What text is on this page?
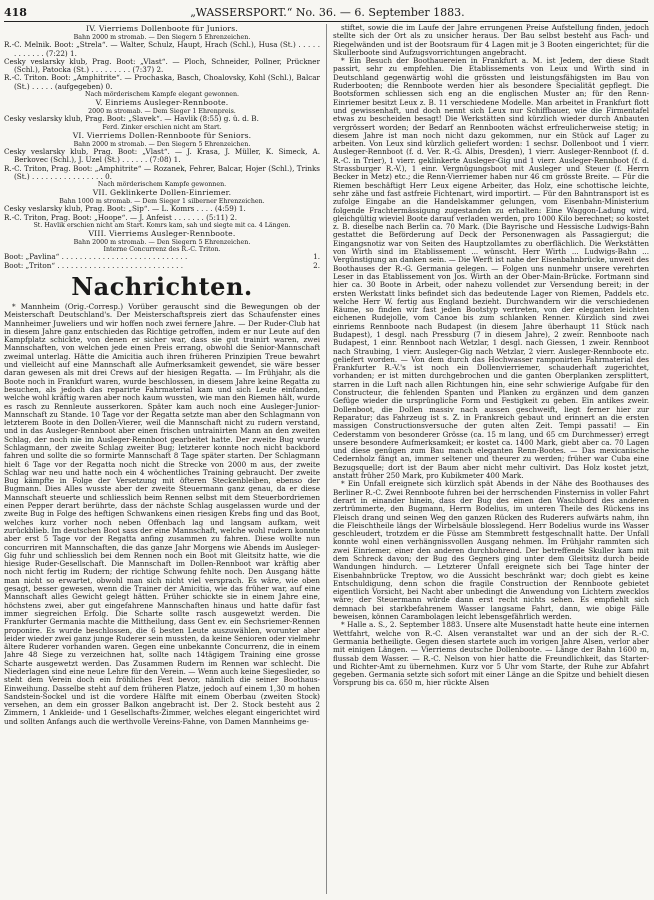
418	„WASSERSPORT.“ No. 36. — 6. September 1883.
IV. Vierriems Dollenboote für Juniors.
Bahn 2000 m stromab. — Den Siegern 5 Ehrenzeichen.
R.-C. Melnik. Boot: „Strela“. — Walter, Schulz, Haupt, Hrach (Schl.), Husa (St.) . . . . . . . . . . . . (7:22) 1.
Cesky veslarsky klub, Prag. Boot: „Vlast“. — Ploch, Schneider, Pollner, Prückner (Schl.), Patocka (St.) . . . . . . . . . (7:37) 2.
R.-C. Triton. Boot: „Amphitrite“. — Prochaska, Basch, Choalovsky, Kohl (Schl.), Balcar (St.) . . . . . (aufgegeben) 0.
Nach mörderischem Kampfe elegant gewonnen.
V. Einriems Ausleger-Rennboote.
2000 m stromab. — Dem Sieger 1 Ehrenpreis.
Cesky veslarsky klub, Prag. Boot: „Slavek“. — Havlik (8:55) g. ü. d. B.
Ferd. Zinker erschien nicht am Start.
VI. Vierriems Dollen-Rennboote für Seniors.
Bahn 2000 m stromab. — Den Siegern 5 Ehrenzeichen.
Cesky veslarsky klub, Prag. Boot: „Vlast“. — J. Krasa, J. Müller, K. Simeck, A. Berkovec (Schl.), J. Uzel (St.) . . . . . . (7:08) 1.
R.-C. Triton, Prag. Boot: „Amphitrite“ — Rozanek, Fehrer, Balcar, Hojer (Schl.), Trinks (St.) . . . . . . . . . . . . . . . . 0.
Nach mörderischem Kampfe gewonnen.
VII. Geklinkerte Dollen-Einriemer.
Bahn 1000 m stromab. — Dem Sieger 1 silberner Ehrenzeichen.
Cesky veslarsky klub, Prag. Boot: „Sip“. — L. Komrs . . . . (4:59) 1.
R.-C. Triton, Prag. Boot: „Hoope“. — J. Anfeist . . . . . . . (5:11) 2.
St. Havlik erschien nicht am Start. Komrs kam, sah und siegte mit ca. 4 Längen.
VIII. Vierriems Ausleger-Rennboote.
Bahn 2000 m stromab. — Den Siegern 5 Ehrenzeichen.
Interne Concurrenz des R.-C. Triton.
Boot: „Pavlina“ . . . . . . . . . . . . . . . . . . . . . . . . . . . .	1.
Boot: „Triton“ . . . . . . . . . . . . . . . . . . . . . . . . . . . .	2.
Nachrichten.

* Mannheim (Orig.-Corresp.) Vorüber gerauscht sind die Bewegungen ob der Meisterschaft Deutschland's. Der Meisterschaftspreis ziert das Schaufenster eines Mannheimer Juweliers und wir hoffen noch zwei fernere Jahre. — Der Ruder-Club hat in diesem Jahre ganz entschieden das Richtige getroffen, indem er nur Leute auf den Kampfplatz schickte, von denen er sicher war, dass sie gut trainirt waren, zwei Mannschaften, von welchen jede einen Preis errang, obwohl die Senior-Mannschaft zweimal unterlag. Hätte die Amicitia auch ihren früheren Prinzipien Treue bewahrt und vielleicht auf eine Mannschaft alle Aufmerksamkeit gewendet, sie wäre besser daran gewesen als mit drei Crews auf der hiesigen Regatta. — Im Frühjahr, als die Boote noch in Frankfurt waren, wurde beschlossen, in diesem Jahre keine Regatta zu besuchen, als jedoch das reparirte Fahrmaterial kam und sich Leute einfanden, welche wohl kräftig waren aber noch kaum wussten, wie man den Riemen hält, wurde es rasch zu Rennleute ausserkoren. Später kam auch noch eine Ausleger-Junior-Mannschaft zu Stande. 10 Tage vor der Regatta setzte man aber den Schlagmann von letzterem Boote in den Dollen-Vierer, weil die Mannschaft nicht zu rudern verstand, und in das Ausleger-Rennboot aber einen frischen untrainirten Mann an den zweiten Schlag, der noch nie im Ausleger-Rennboot gearbeitet hatte. Der zweite Bug wurde Schlagmann, der zweite Schlag zweiter Bug; letzterer konnte noch nicht backbord fahren und sollte die so formirte Mannschaft 8 Tage später starten. Der Schlagmann hielt 6 Tage vor der Regatta noch nicht die Strecke von 2000 m aus, der zweite Schlag war neu und hatte noch ein 4 wöchentliches Training gebraucht. Der zweite Bug kämpfte in Folge der Versetzung mit öfteren Steckenbleiben, ebenso der Bugmann. Dies Alles wusste aber der zweite Steuermann ganz genau, da er diese Mannschaft steuerte und schliesslich beim Rennen selbst mit dem Steuerbordriemen einen Pepper derart berührte, dass der nächste Schlag ausgelassen wurde und der zweite Bug in Folge des heftigen Schwankens einen riesigen Krebs fing und das Boot, welches kurz vorher noch neben Offenbach lag und langsam aufkam, weit zurückblieb. Im deutschen Boot sass der eine Mannschaft, welche wohl rudern konnte aber erst 5 Tage vor der Regatta anfing zusammen zu fahren. Diese wollte nun concurriren mit Mannschaften, die das ganze Jahr Morgens wie Abends im Ausleger-Gig fuhr und schliesslich bei dem Rennen noch ein Boot mit Gleitsitz hatte, wie die hiesige Ruder-Gesellschaft. Die Mannschaft im Dollen-Rennboot war kräftig aber noch nicht fertig im Rudern; der richtige Schwung fehlte noch. Den Ausgang hätte man nicht so erwartet, obwohl man sich nicht viel versprach. Es wäre, wie oben gesagt, besser gewesen, wenn die Trainer der Amicitia, wie das früher war, auf eine Mannschaft alles Gewicht gelegt hätten. Früher schickte sie in einem Jahre eine, höchstens zwei, aber gut eingefahrene Mannschaften hinaus und hatte dafür fast immer siegreichen Erfolg. Die Scharte sollte rasch ausgewetzt werden. Die Frankfurter Germania machte die Mittheilung, dass Gent ev. ein Sechsriemer-Rennen proponire. Es wurde beschlossen, die 6 besten Leute auszuwählen, worunter aber leider wieder zwei ganz junge Ruderer sein mussten, da keine Senioren oder vielmehr ältere Ruderer vorhanden waren. Gegen eine unbekannte Concurrenz, die in einem Jahre 48 Siege zu verzeichnen hat, sollte nach 14tägigem Training eine grosse Scharte ausgewetzt werden. Das Zusammen Rudern im Rennen war schlecht. Die Niederlagen sind eine neue Lehre für den Verein. — Wenn auch keine Siegeslieder, so steht dem Verein doch ein fröhliches Fest bevor, nämlich die seiner Boothaus-Einweihung. Dasselbe steht auf dem früheren Platze, jedoch auf einem 1,30 m hohen Sandstein-Sockel und ist die vordere Hälfte mit einem Oberbau (zweiten Stock) versehen, an dem ein grosser Balkon angebracht ist. Der 2. Stock besteht aus 2 Zimmern, 1 Ankleide- und 1 Gesellschafts-Zimmer, welches elegant eingerichtet wird und sollten Anfangs auch die werthvolle Vereins-Fahne, von Damen Mannheims ge-

stiftet, sowie die im Laufe der Jahre errungenen Preise Aufstellung finden, jedoch stellte sich der Ort als zu unsicher heraus. Der Bau selbst besteht aus Fach- und Riegelwänden und ist der Bootsraum für 4 Lagen mit je 3 Booten eingerichtet; für die Skullerboote sind Aufzugsvorrichtungen angebracht.

* Ein Besuch der Boothauereien in Frankfurt a. M. ist Jedem, der diese Stadt passirt, sehr zu empfehlen. Die Etablissements von Leux und Wirth sind in Deutschland gegenwärtig wohl die grössten und leistungsfähigsten im Bau von Ruderbooten; die Rennboote werden hier als besondere Specialität gepflegt. Die Bootsformen schliessen sich eng an die englischen Muster an; für den Renn-Einriemer besitzt Leux z. B. 11 verschiedene Modelle. Man arbeitet in Frankfurt flott und gewissenhaft, und doch nennt sich Leux nur Schiffbauer, wie die Firmentafel etwas zu bescheiden besagt! Die Werkstätten sind kürzlich wieder durch Anbauten vergrössert worden; der Bedarf an Rennbooten wächst erfreulicherweise stetig; in diesem Jahre ist man noch nicht dazu gekommen, nur ein Stück auf Lager zu arbeiten. Von Leux sind kürzlich geliefert worden: 1 sechsr. Dollenboot und 1 vierr. Ausleger-Rennboot (f. d. Ver. R.-G. Albis, Dresden), 1 vierr. Ausleger-Rennboot (f. d. R.-C. in Trier), 1 vierr. geklinkerte Ausleger-Gig und 1 vierr. Ausleger-Rennboot (f. d. Strassburger R.-V.), 1 einr. Vergnügungsboot mit Ausleger und Steuer (f. Herrn Becker in Metz) etc.; die Renn-Vierriemer haben nur 46 cm grösste Breite. — Für die Riemen beschäftigt Herr Leux eigene Arbeiter, das Holz, eine schottische leichte, sehr zähe und fast astfreie Fichtenart, wird importirt. — Für den Bahntransport ist es zufolge Eingabe an die Handelskammer gelungen, vom Eisenbahn-Ministerium folgende Frachtermässigung zugestanden zu erhalten: Eine Waggon-Ladung wird, gleichgültig wieviel Boote darauf verladen werden, pro 1000 Kilo berechnet; so kostet z. B. dieselbe nach Berlin ca. 70 Mark. (Die Bayrische und Hessische Ludwigs-Bahn gestattet die Beförderung auf Deck der Personenwagen als Passagiergut; die Eingangsnotiz war von Seiten des Hauptzollamtes zu oberflächlich. Die Werkstätten von Wirth sind im Etablissement ... wünscht. Herr Wirth ... Ludwigs-Bahn ... Vergünstigung an danken sein. — Die Werft ist nahe der Eisenbahnbrücke, unweit des Boothauses der R.-G. Germania gelegen. — Folgen uns nunmehr unsere verehrten Leser in das Etablissement von Jos. Wirth an der Ober-Main-Brücke. Fortmann sind hier ca. 30 Boote in Arbeit, oder nahezu vollendet zur Versendung bereit; in der ersten Werkstatt links befindet sich das bedeutende Lager von Riemen, Paddels etc. welche Herr W. fertig aus England bezieht. Durchwandern wir die verschiedenen Räume, so finden wir fast jeden Bootstyp vertreten, von der eleganten leichten eichenen Rudejolle, vom Canoe bis zum schlanken Renner. Kürzlich sind zwei einriems Rennboote nach Budapest (in diesem Jahre überhaupt 11 Stück nach Budapest), 1 desgl. nach Pressburg (7 in diesem Jahre), 2 zweir. Rennboote nach Budapest, 1 einr. Rennboot nach Wetzlar, 1 desgl. nach Giessen, 1 zweir. Rennboot nach Straubing, 1 vierr. Ausleger-Gig nach Wetzlar, 2 vierr. Ausleger-Rennboote etc. geliefert worden. — Von dem durch das Hochwasser ramponirten Fahrmaterial des Frankfurter R.-V.'s ist noch ein Dollenvierriemer, schauderhaft zugerichtet, vorhanden; er ist mitten durchgebrochen und die ganten Oberplanken zersplittert, starren in die Luft nach allen Richtungen hin, eine sehr schwierige Aufgabe für den Constructeur, die fehlenden Spanten und Planken zu ergänzen und dem ganzen Gefüge wieder die ursprüngliche Form und Festigkeit zu geben. Ein antikes zweir. Dollenboot, die Dollen massiv nach aussen geschweift, liegt ferner hier zur Reparatur; das Fahrzeug ist s. Z. in Frankreich gebaut und erinnert an die ersten massigen Constructionsversuche der guten alten Zeit. Tempi passati! — Ein Cederstamm von besonderer Grösse (ca. 15 m lang, und 65 cm Durchmesser) erregt unsere besondere Aufmerksamkeit; er kostet ca. 1400 Mark, giebt aber ca. 70 Lagen und diese genügen zum Bau manch eleganten Renn-Bootes. — Das mexicanische Cedernholz fängt an, immer seltener und theurer zu werden; früher war Cuba eine Bezugsquelle; dort ist der Baum aber nicht mehr cultivirt. Das Holz kostet jetzt, anstatt früher 250 Mark, pro Kubikmeter 400 Mark.

* Ein Unfall ereignete sich kürzlich spät Abends in der Nähe des Boothauses des Berliner R.-C. Zwei Rennboote fuhren bei der herrschenden Finsterniss in voller Fahrt derart in einander hinein, dass der Bug des einen den Waschbord des anderen zertrümmerte, den Bugmann, Herrn Bodelius, im unteren Theile des Rückens ins Fleisch drang und seinen Weg den ganzen Rücken des Ruderers aufwärts nahm, ihn die Fleischtheile längs der Wirbelsäule blosslegend. Herr Bodelius wurde ins Wasser geschleudert, trotzdem er die Füsse am Stemmbrett festgeschnallt hatte. Der Unfall konnte wohl einen verhängnissvollen Ausgang nehmen. Im Frühjahr rammten sich zwei Einriemer, einer den anderen durchbohrend. Der betreffende Skuller kam mit dem Schreck davon; der Bug des Gegners ging unter dem Gleitsitz durch beide Wandungen hindurch. — Letzterer Unfall ereignete sich bei Tage hinter der Eisenbahnbrücke Treptow, wo die Aussicht beschränkt war; doch giebt es keine Entschuldigung, denn schon die fragile Construction der Rennboote gebietet eigentlich Vorsicht, bei Nacht aber unbedingt die Anwendung von Lichtern zwecklos wäre; der Steuermann würde dann erst recht nichts sehen. Es empfiehlt sich demnach bei starkbefahrenem Wasser langsame Fahrt, dann, wie obige Fälle beweisen, können Carambolagen leicht lebensgefährlich werden.

* Halle a. S., 2. September 1883. Unsere alte Musenstadt hatte heute eine internen Wettfahrt, welche von R.-C. Alsen veranstaltet war und an der sich der R.-C. Germania betheiligte. Gegen diesen startete auch im vorigen Jahre Alsen, verlor aber mit einigen Längen. — Vierriems deutsche Dollenboote. — Länge der Bahn 1600 m, flussab dem Wasser. — R.-C. Nelson von hier hatte die Freundlichkeit, das Starter- und Richter-Amt zu übernehmen. Kurz vor 5 Uhr vom Starte, der Ruhe zur Abfahrt gegeben. Germania setzte sich sofort mit einer Länge an die Spitze und behielt diesen Vorsprung bis ca. 650 m, hier rückte Alsen
